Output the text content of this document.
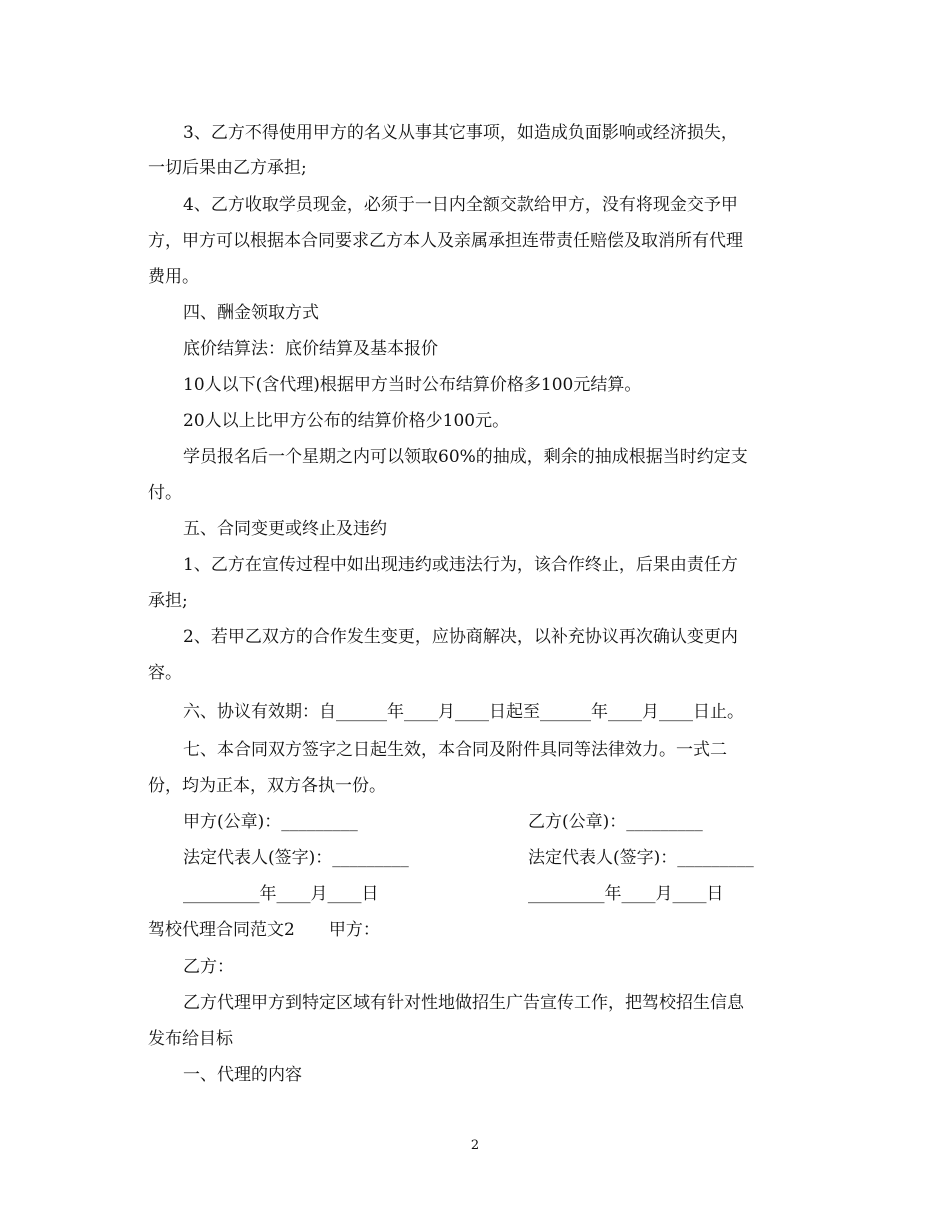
3、乙方不得使用甲方的名义从事其它事项，如造成负面影响或经济损失，
一切后果由乙方承担;
4、乙方收取学员现金，必须于一日内全额交款给甲方，没有将现金交予甲
方，甲方可以根据本合同要求乙方本人及亲属承担连带责任赔偿及取消所有代理
费用。
四、酬金领取方式
底价结算法：底价结算及基本报价
10人以下(含代理)根据甲方当时公布结算价格多100元结算。
20人以上比甲方公布的结算价格少100元。
学员报名后一个星期之内可以领取60%的抽成，剩余的抽成根据当时约定支
付。
五、合同变更或终止及违约
1、乙方在宣传过程中如出现违约或违法行为，该合作终止，后果由责任方
承担;
2、若甲乙双方的合作发生变更，应协商解决，以补充协议再次确认变更内
容。
六、协议有效期：自______年____月____日起至______年____月____日止。
七、本合同双方签字之日起生效，本合同及附件具同等法律效力。一式二
份，均为正本，双方各执一份。
甲方(公章)：_________	乙方(公章)：_________
法定代表人(签字)：_________	法定代表人(签字)：_________
_________年____月____日	_________年____月____日
驾校代理合同范文2　　甲方：
乙方：
乙方代理甲方到特定区域有针对性地做招生广告宣传工作，把驾校招生信息
发布给目标
一、代理的内容
2
